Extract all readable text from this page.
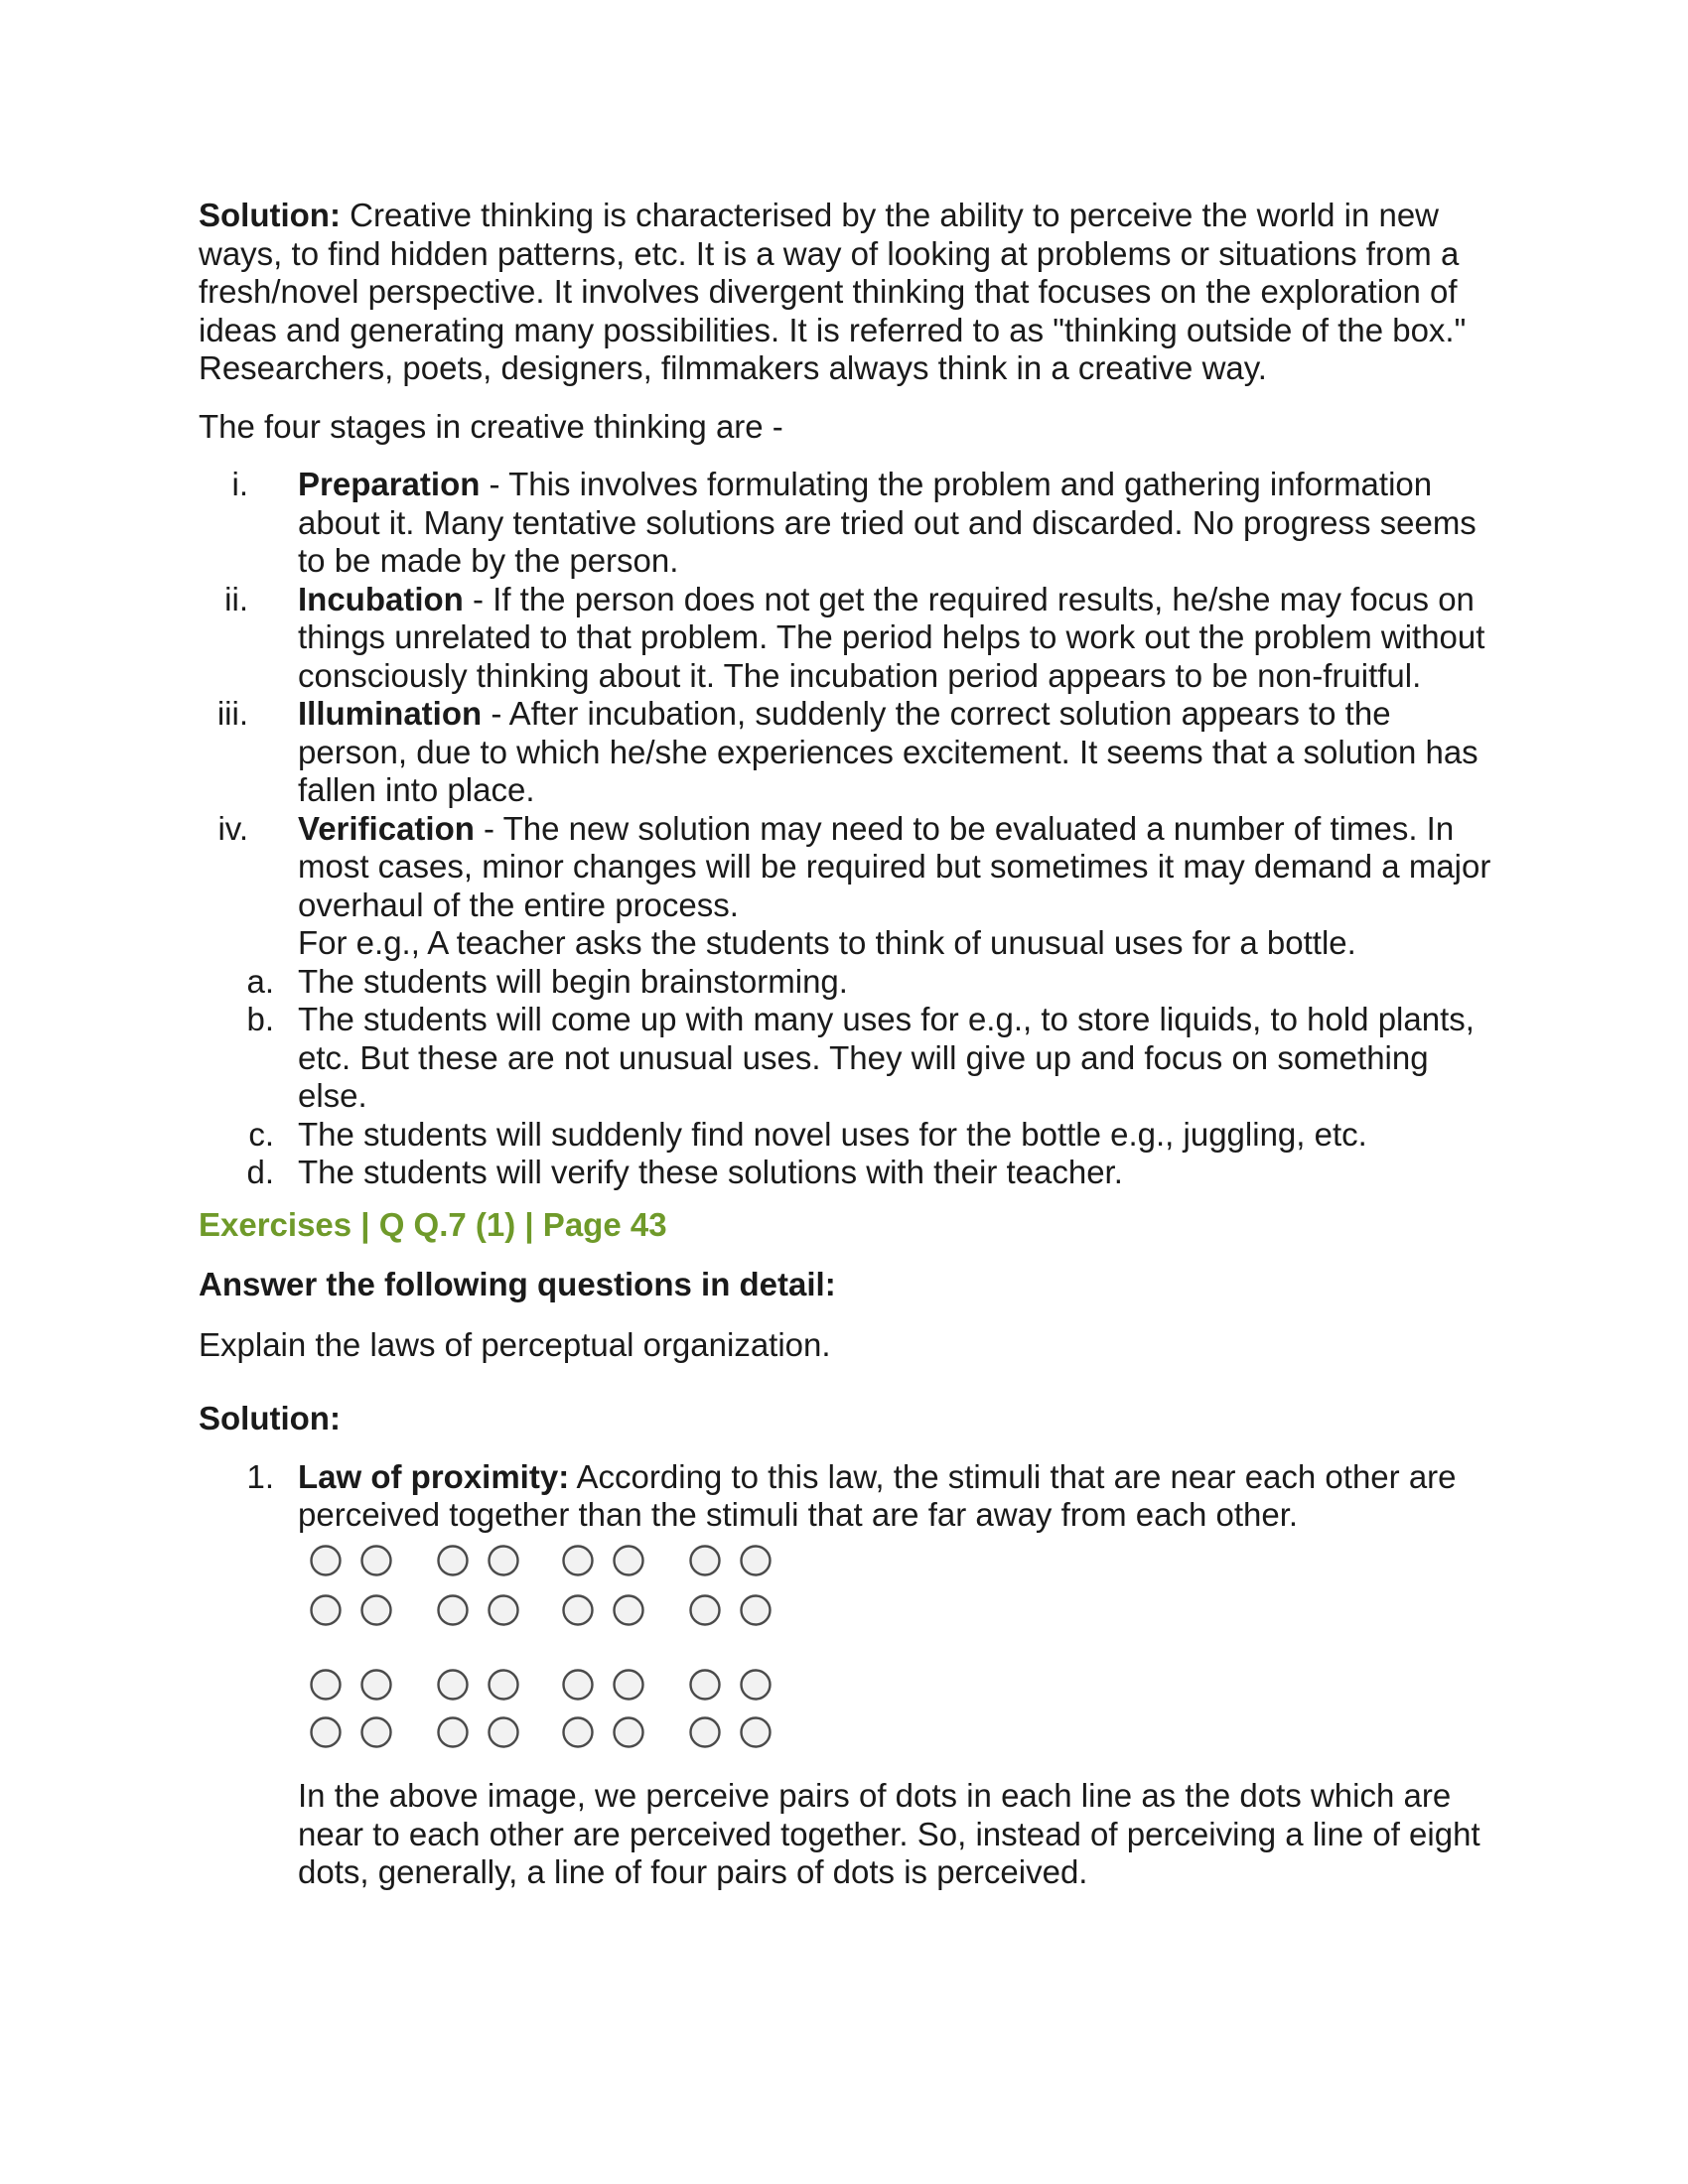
Solution: Creative thinking is characterised by the ability to perceive the world in new ways, to find hidden patterns, etc. It is a way of looking at problems or situations from a fresh/novel perspective. It involves divergent thinking that focuses on the exploration of ideas and generating many possibilities. It is referred to as "thinking outside of the box." Researchers, poets, designers, filmmakers always think in a creative way.

The four stages in creative thinking are -

i. Preparation - This involves formulating the problem and gathering information about it. Many tentative solutions are tried out and discarded. No progress seems to be made by the person.
ii. Incubation - If the person does not get the required results, he/she may focus on things unrelated to that problem. The period helps to work out the problem without consciously thinking about it. The incubation period appears to be non-fruitful.
iii. Illumination - After incubation, suddenly the correct solution appears to the person, due to which he/she experiences excitement. It seems that a solution has fallen into place.
iv. Verification - The new solution may need to be evaluated a number of times. In most cases, minor changes will be required but sometimes it may demand a major overhaul of the entire process.
For e.g., A teacher asks the students to think of unusual uses for a bottle.
a. The students will begin brainstorming.
b. The students will come up with many uses for e.g., to store liquids, to hold plants, etc. But these are not unusual uses. They will give up and focus on something else.
c. The students will suddenly find novel uses for the bottle e.g., juggling, etc.
d. The students will verify these solutions with their teacher.

Exercises | Q Q.7 (1) | Page 43

Answer the following questions in detail:

Explain the laws of perceptual organization.

Solution:

1. Law of proximity: According to this law, the stimuli that are near each other are perceived together than the stimuli that are far away from each other.
In the above image, we perceive pairs of dots in each line as the dots which are near to each other are perceived together. So, instead of perceiving a line of eight dots, generally, a line of four pairs of dots is perceived.
